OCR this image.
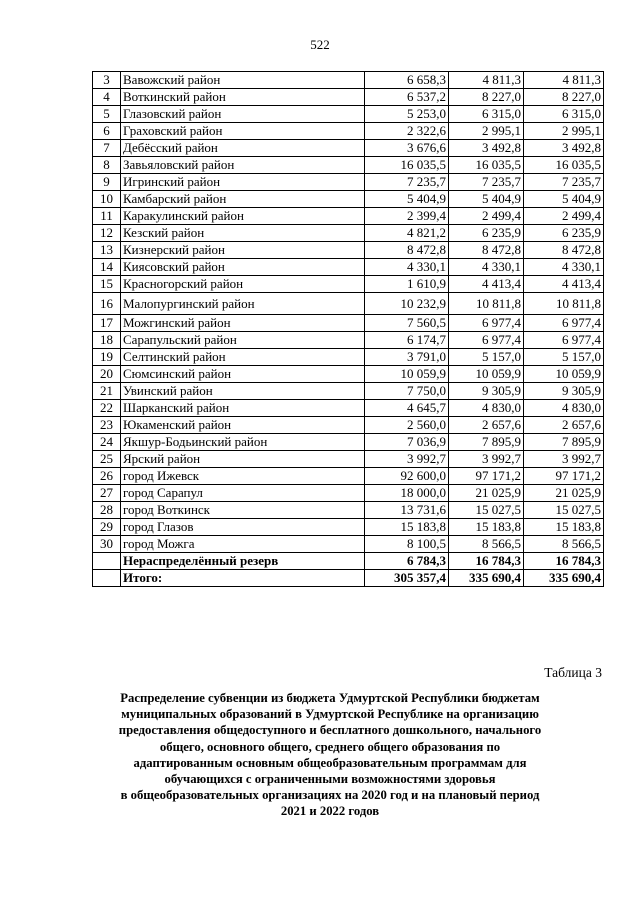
522
3	Вавожский район	6 658,3	4 811,3	4 811,3
4	Воткинский район	6 537,2	8 227,0	8 227,0
5	Глазовский район	5 253,0	6 315,0	6 315,0
6	Граховский район	2 322,6	2 995,1	2 995,1
7	Дебёсский район	3 676,6	3 492,8	3 492,8
8	Завьяловский район	16 035,5	16 035,5	16 035,5
9	Игринский район	7 235,7	7 235,7	7 235,7
10	Камбарский район	5 404,9	5 404,9	5 404,9
11	Каракулинский район	2 399,4	2 499,4	2 499,4
12	Кезский район	4 821,2	6 235,9	6 235,9
13	Кизнерский район	8 472,8	8 472,8	8 472,8
14	Киясовский район	4 330,1	4 330,1	4 330,1
15	Красногорский район	1 610,9	4 413,4	4 413,4
16	Малопургинский район	10 232,9	10 811,8	10 811,8
17	Можгинский район	7 560,5	6 977,4	6 977,4
18	Сарапульский район	6 174,7	6 977,4	6 977,4
19	Селтинский район	3 791,0	5 157,0	5 157,0
20	Сюмсинский район	10 059,9	10 059,9	10 059,9
21	Увинский район	7 750,0	9 305,9	9 305,9
22	Шарканский район	4 645,7	4 830,0	4 830,0
23	Юкаменский район	2 560,0	2 657,6	2 657,6
24	Якшур-Бодьинский район	7 036,9	7 895,9	7 895,9
25	Ярский район	3 992,7	3 992,7	3 992,7
26	город Ижевск	92 600,0	97 171,2	97 171,2
27	город Сарапул	18 000,0	21 025,9	21 025,9
28	город Воткинск	13 731,6	15 027,5	15 027,5
29	город Глазов	15 183,8	15 183,8	15 183,8
30	город Можга	8 100,5	8 566,5	8 566,5
	Нераспределённый резерв	6 784,3	16 784,3	16 784,3
	Итого:	305 357,4	335 690,4	335 690,4
Таблица 3
Распределение субвенции из бюджета Удмуртской Республики бюджетам
муниципальных образований в Удмуртской Республике на организацию
предоставления общедоступного и бесплатного дошкольного, начального
общего, основного общего, среднего общего образования по
адаптированным основным общеобразовательным программам для
обучающихся с ограниченными возможностями здоровья
в общеобразовательных организациях на 2020 год и на плановый период
2021 и 2022 годов
